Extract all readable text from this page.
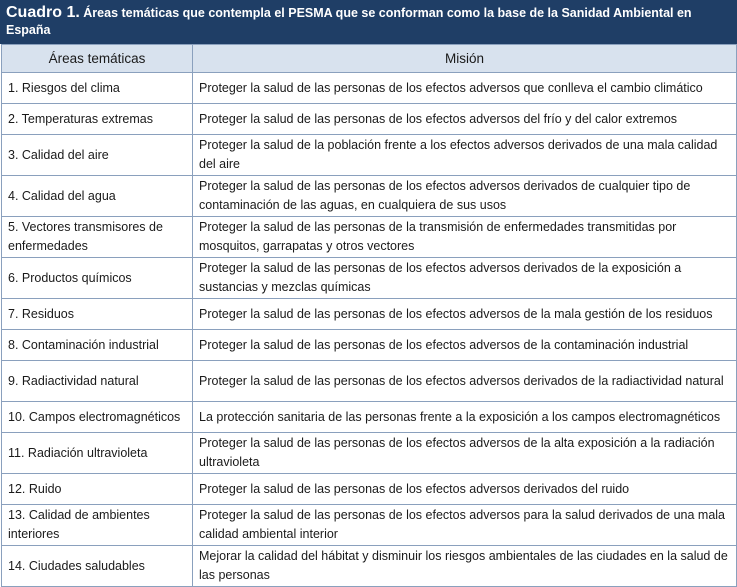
Cuadro 1. Áreas temáticas que contempla el PESMA que se conforman como la base de la Sanidad Ambiental en España
Áreas temáticas	Misión
1. Riesgos del clima	Proteger la salud de las personas de los efectos adversos que conlleva el cambio climático
2. Temperaturas extremas	Proteger la salud de las personas de los efectos adversos del frío y del calor extremos
3. Calidad del aire	Proteger la salud de la población frente a los efectos adversos derivados de una mala calidad del aire
4. Calidad del agua	Proteger la salud de las personas de los efectos adversos derivados de cualquier tipo de contaminación de las aguas, en cualquiera de sus usos
5. Vectores transmisores de enfermedades	Proteger la salud de las personas de la transmisión de enfermedades transmitidas por mosquitos, garrapatas y otros vectores
6. Productos químicos	Proteger la salud de las personas de los efectos adversos derivados de la exposición a sustancias y mezclas químicas
7. Residuos	Proteger la salud de las personas de los efectos adversos de la mala gestión de los residuos
8. Contaminación industrial	Proteger la salud de las personas de los efectos adversos de la contaminación industrial
9. Radiactividad natural	Proteger la salud de las personas de los efectos adversos derivados de la radiactividad natural
10. Campos electromagnéticos	La protección sanitaria de las personas frente a la exposición a los campos electromagnéticos
11. Radiación ultravioleta	Proteger la salud de las personas de los efectos adversos de la alta exposición a la radiación ultravioleta
12. Ruido	Proteger la salud de las personas de los efectos adversos derivados del ruido
13. Calidad de ambientes interiores	Proteger la salud de las personas de los efectos adversos para la salud derivados de una mala calidad ambiental interior
14. Ciudades saludables	Mejorar la calidad del hábitat y disminuir los riesgos ambientales de las ciudades en la salud de las personas
